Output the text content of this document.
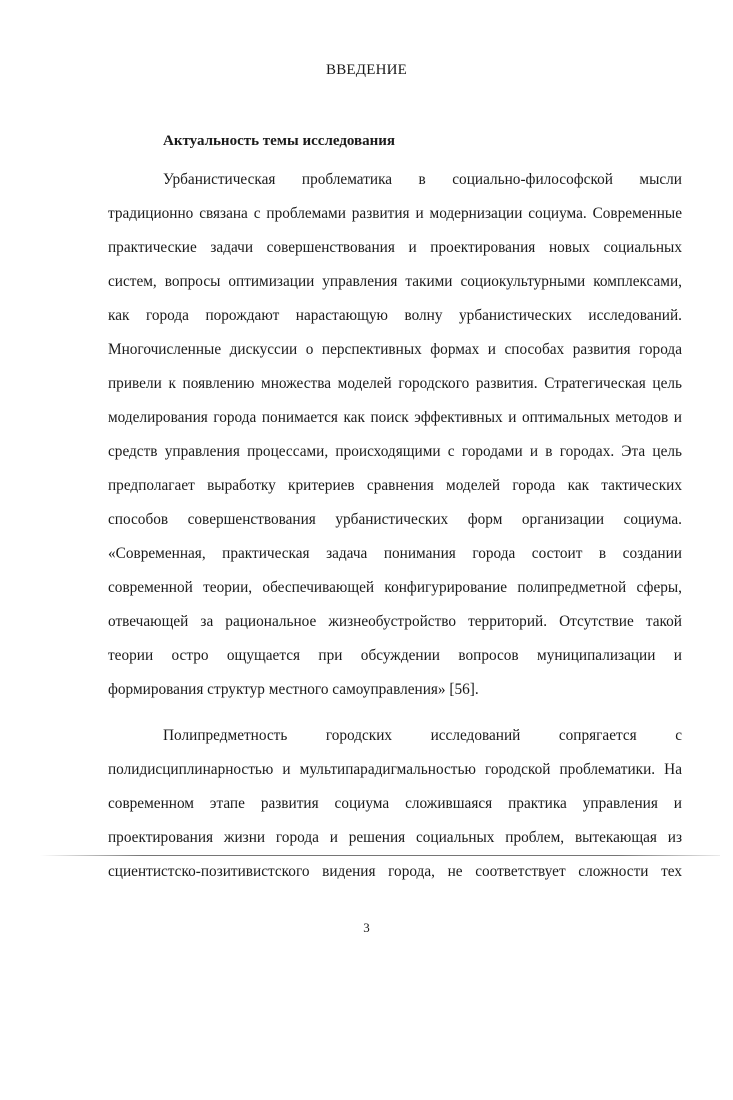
ВВЕДЕНИЕ
Актуальность темы исследования
Урбанистическая проблематика в социально-философской мысли
традиционно связана с проблемами развития и модернизации социума. Современные
практические задачи совершенствования и проектирования новых социальных
систем, вопросы оптимизации управления такими социокультурными комплексами,
как города порождают нарастающую волну урбанистических исследований.
Многочисленные дискуссии о перспективных формах и способах развития города
привели к появлению множества моделей городского развития. Стратегическая цель
моделирования города понимается как поиск эффективных и оптимальных методов и
средств управления процессами, происходящими с городами и в городах. Эта цель
предполагает выработку критериев сравнения моделей города как тактических
способов совершенствования урбанистических форм организации социума.
«Современная, практическая задача понимания города состоит в создании
современной теории, обеспечивающей конфигурирование полипредметной сферы,
отвечающей за рациональное жизнеобустройство территорий. Отсутствие такой
теории остро ощущается при обсуждении вопросов муниципализации и
формирования структур местного самоуправления» [56].
Полипредметность городских исследований сопрягается с
полидисциплинарностью и мультипарадигмальностью городской проблематики. На
современном этапе развития социума сложившаяся практика управления и
проектирования жизни города и решения социальных проблем, вытекающая из
сциентистско-позитивистского видения города, не соответствует сложности тех
3
